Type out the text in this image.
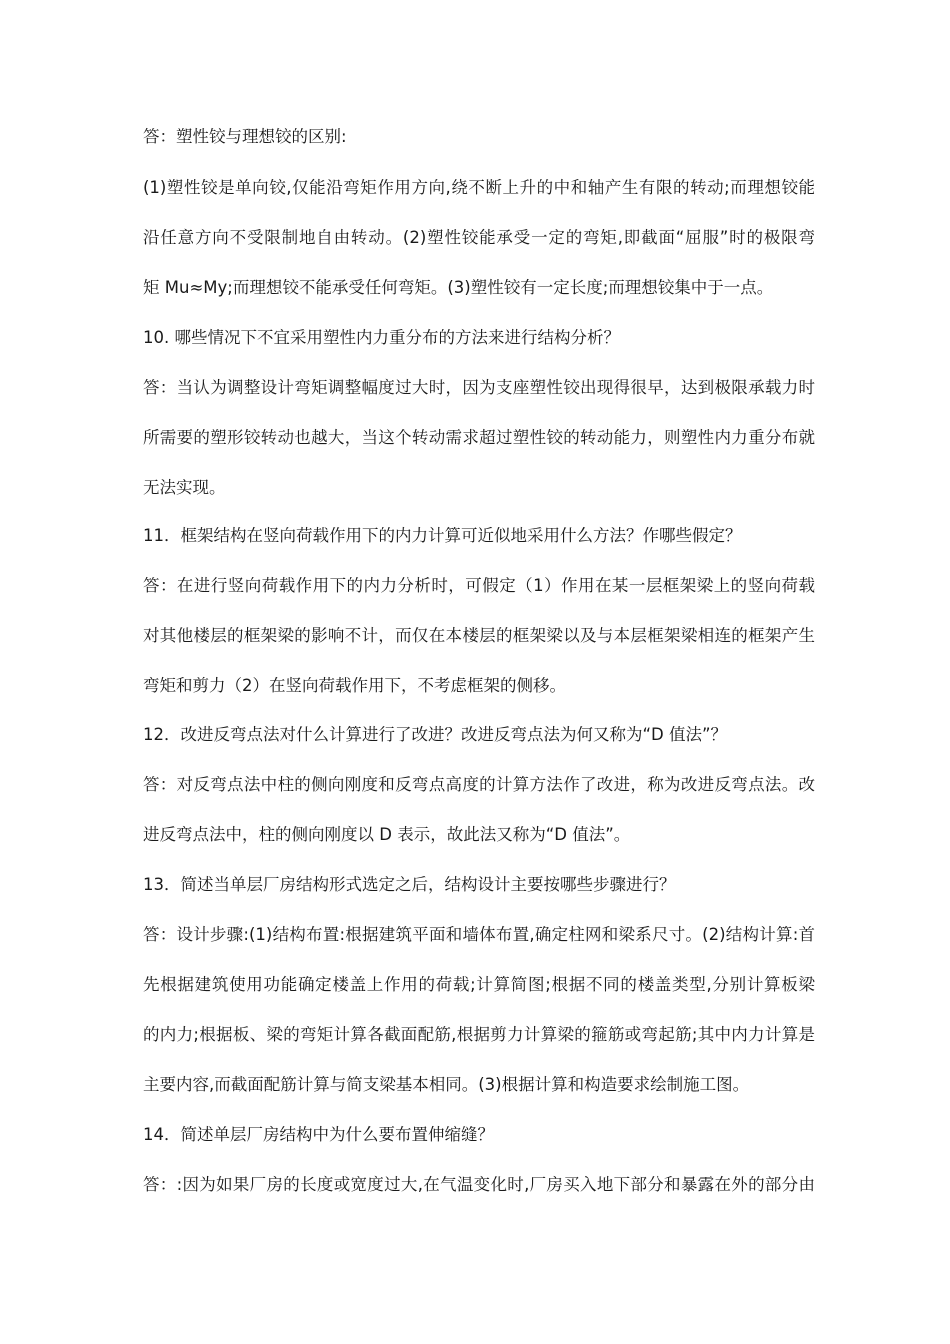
答：塑性铰与理想铰的区别:
(1)塑性铰是单向铰,仅能沿弯矩作用方向,绕不断上升的中和轴产生有限的转动;而理想铰能
沿任意方向不受限制地自由转动。(2)塑性铰能承受一定的弯矩,即截面“屈服”时的极限弯
矩 Mu≈My;而理想铰不能承受任何弯矩。(3)塑性铰有一定长度;而理想铰集中于一点。
10. 哪些情况下不宜采用塑性内力重分布的方法来进行结构分析？
答：当认为调整设计弯矩调整幅度过大时，因为支座塑性铰出现得很早，达到极限承载力时
所需要的塑形铰转动也越大，当这个转动需求超过塑性铰的转动能力，则塑性内力重分布就
无法实现。
11．框架结构在竖向荷载作用下的内力计算可近似地采用什么方法？作哪些假定？
答：在进行竖向荷载作用下的内力分析时，可假定（1）作用在某一层框架梁上的竖向荷载
对其他楼层的框架梁的影响不计，而仅在本楼层的框架梁以及与本层框架梁相连的框架产生
弯矩和剪力（2）在竖向荷载作用下，不考虑框架的侧移。
12．改进反弯点法对什么计算进行了改进？改进反弯点法为何又称为“D 值法”？
答：对反弯点法中柱的侧向刚度和反弯点高度的计算方法作了改进，称为改进反弯点法。改
进反弯点法中，柱的侧向刚度以 D 表示，故此法又称为“D 值法”。
13．简述当单层厂房结构形式选定之后，结构设计主要按哪些步骤进行？
答：设计步骤:(1)结构布置:根据建筑平面和墙体布置,确定柱网和梁系尺寸。(2)结构计算:首
先根据建筑使用功能确定楼盖上作用的荷载;计算简图;根据不同的楼盖类型,分别计算板梁
的内力;根据板、梁的弯矩计算各截面配筋,根据剪力计算梁的箍筋或弯起筋;其中内力计算是
主要内容,而截面配筋计算与简支梁基本相同。(3)根据计算和构造要求绘制施工图。
14．简述单层厂房结构中为什么要布置伸缩缝？
答：:因为如果厂房的长度或宽度过大,在气温变化时,厂房买入地下部分和暴露在外的部分由
